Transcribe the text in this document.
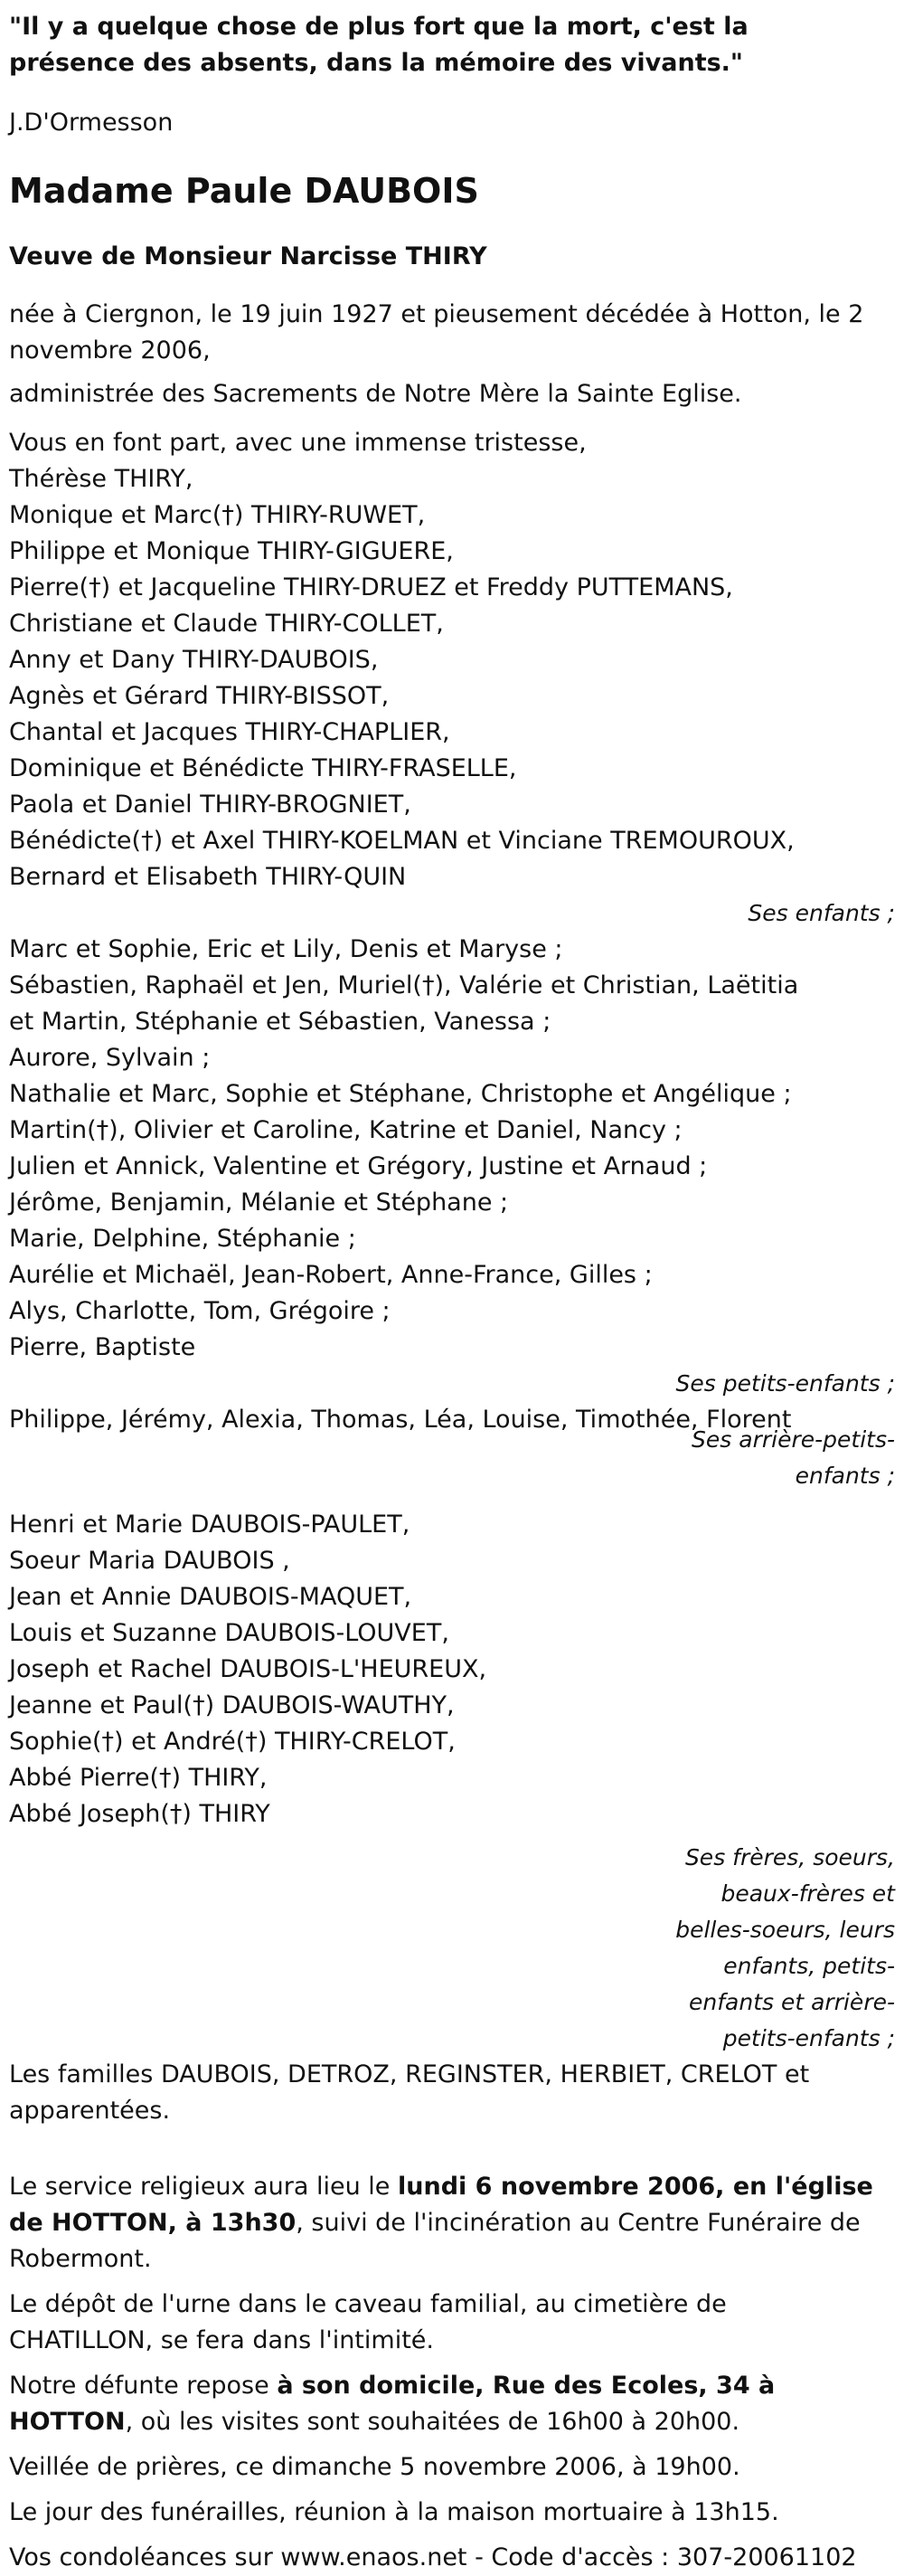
"Il y a quelque chose de plus fort que la mort, c'est la présence des absents, dans la mémoire des vivants."
J.D'Ormesson
Madame Paule DAUBOIS
Veuve de Monsieur Narcisse THIRY
née à Ciergnon, le 19 juin 1927 et pieusement décédée à Hotton, le 2 novembre 2006,
administrée des Sacrements de Notre Mère la Sainte Eglise.
Vous en font part, avec une immense tristesse,
Thérèse THIRY,
Monique et Marc(†) THIRY-RUWET,
Philippe et Monique THIRY-GIGUERE,
Pierre(†) et Jacqueline THIRY-DRUEZ et Freddy PUTTEMANS,
Christiane et Claude THIRY-COLLET,
Anny et Dany THIRY-DAUBOIS,
Agnès et Gérard THIRY-BISSOT,
Chantal et Jacques THIRY-CHAPLIER,
Dominique et Bénédicte THIRY-FRASELLE,
Paola et Daniel THIRY-BROGNIET,
Bénédicte(†) et Axel THIRY-KOELMAN et Vinciane TREMOUROUX,
Bernard et Elisabeth THIRY-QUIN
Ses enfants ;
Marc et Sophie, Eric et Lily, Denis et Maryse ;
Sébastien, Raphaël et Jen, Muriel(†), Valérie et Christian, Laëtitia et Martin, Stéphanie et Sébastien, Vanessa ;
Aurore, Sylvain ;
Nathalie et Marc, Sophie et Stéphane, Christophe et Angélique ;
Martin(†), Olivier et Caroline, Katrine et Daniel, Nancy ;
Julien et Annick, Valentine et Grégory, Justine et Arnaud ;
Jérôme, Benjamin, Mélanie et Stéphane ;
Marie, Delphine, Stéphanie ;
Aurélie et Michaël, Jean-Robert, Anne-France, Gilles ;
Alys, Charlotte, Tom, Grégoire ;
Pierre, Baptiste
Ses petits-enfants ;
Philippe, Jérémy, Alexia, Thomas, Léa, Louise, Timothée, Florent
Ses arrière-petits-
enfants ;
Henri et Marie DAUBOIS-PAULET,
Soeur Maria DAUBOIS ,
Jean et Annie DAUBOIS-MAQUET,
Louis et Suzanne DAUBOIS-LOUVET,
Joseph et Rachel DAUBOIS-L'HEUREUX,
Jeanne et Paul(†) DAUBOIS-WAUTHY,
Sophie(†) et André(†) THIRY-CRELOT,
Abbé Pierre(†) THIRY,
Abbé Joseph(†) THIRY
Ses frères, soeurs,
beaux-frères et
belles-soeurs, leurs
enfants, petits-
enfants et arrière-
petits-enfants ;
Les familles DAUBOIS, DETROZ, REGINSTER, HERBIET, CRELOT et apparentées.

Le service religieux aura lieu le lundi 6 novembre 2006, en l'église de HOTTON, à 13h30, suivi de l'incinération au Centre Funéraire de Robermont.

Le dépôt de l'urne dans le caveau familial, au cimetière de CHATILLON, se fera dans l'intimité.

Notre défunte repose à son domicile, Rue des Ecoles, 34 à HOTTON, où les visites sont souhaitées de 16h00 à 20h00.

Veillée de prières, ce dimanche 5 novembre 2006, à 19h00.

Le jour des funérailles, réunion à la maison mortuaire à 13h15.

Vos condoléances sur www.enaos.net - Code d'accès : 307-20061102
